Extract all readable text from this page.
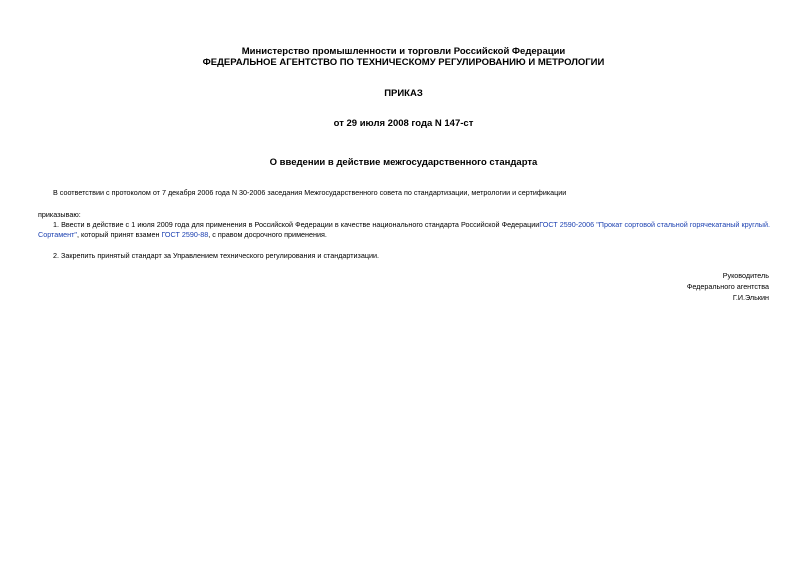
Министерство промышленности и торговли Российской Федерации
ФЕДЕРАЛЬНОЕ АГЕНТСТВО ПО ТЕХНИЧЕСКОМУ РЕГУЛИРОВАНИЮ И МЕТРОЛОГИИ
ПРИКАЗ
от 29 июля 2008 года N 147-ст
О введении в действие межгосударственного стандарта
В соответствии с протоколом от 7 декабря 2006 года N 30-2006 заседания Межгосударственного совета по стандартизации, метрологии и сертификации
приказываю:
1. Ввести в действие с 1 июля 2009 года для применения в Российской Федерации в качестве национального стандарта Российской ФедерацииГОСТ 2590-2006 "Прокат сортовой стальной горячекатаный круглый. Сортамент", который принят взамен ГОСТ 2590-88, с правом досрочного применения.
2. Закрепить принятый стандарт за Управлением технического регулирования и стандартизации.
Руководитель
Федерального агентства
Г.И.Элькин
